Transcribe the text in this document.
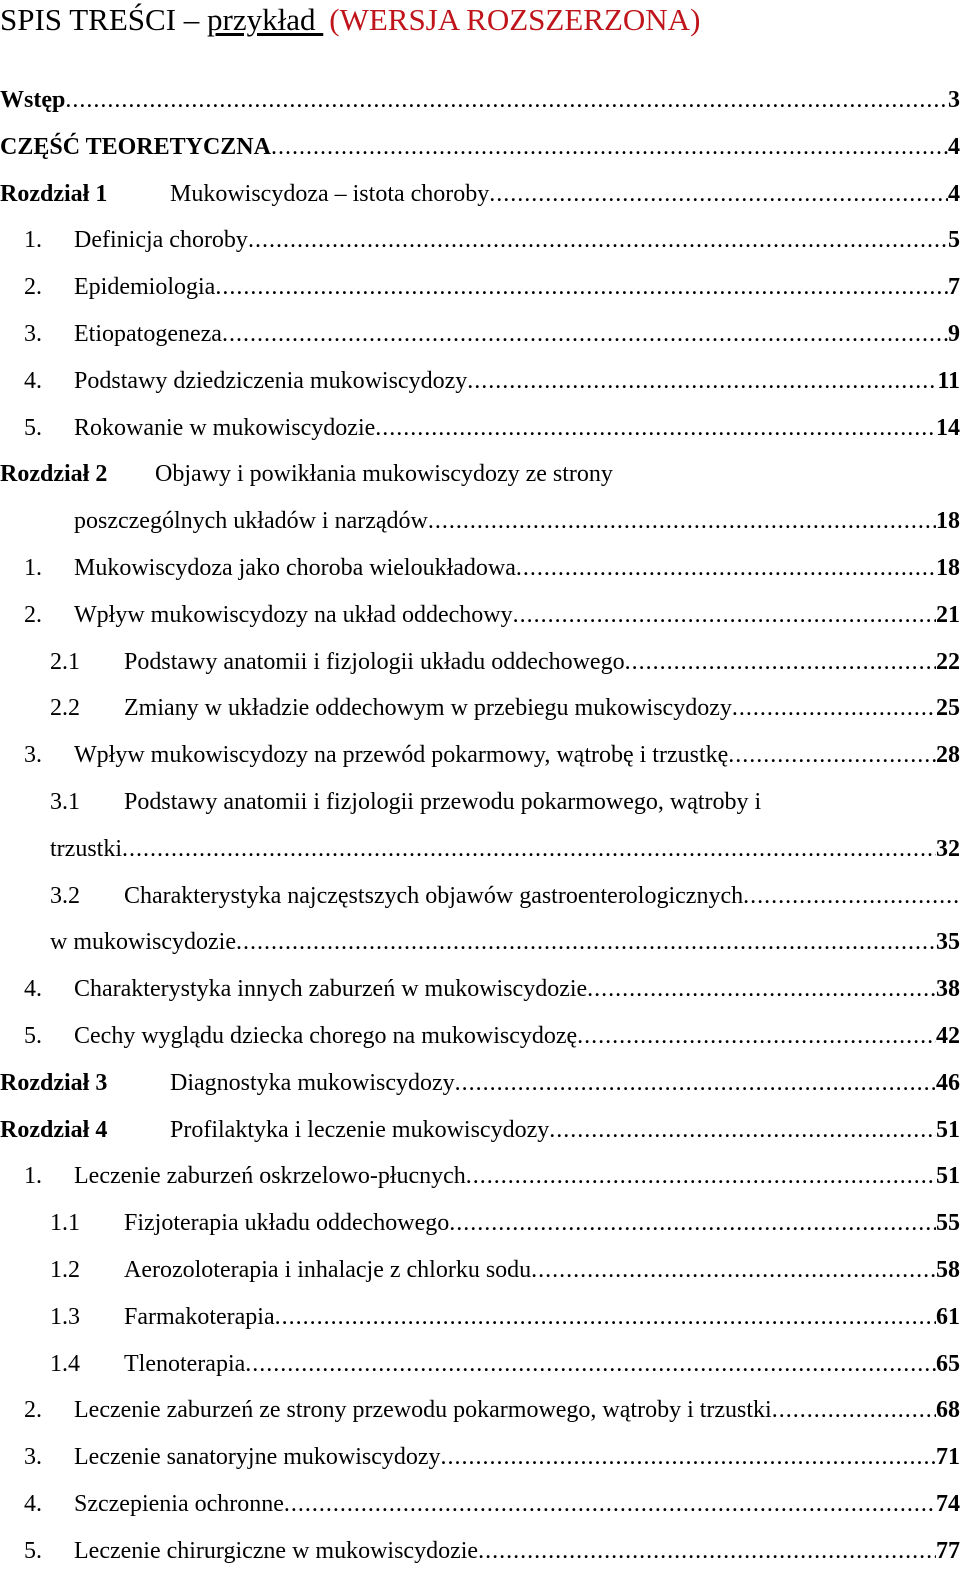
SPIS TREŚCI – przykład (WERSJA ROZSZERZONA)
Wstęp .....	3
CZĘŚĆ TEORETYCZNA .....	4
Rozdział 1	Mukowiscydoza – istota choroby .....	4
1. Definicja choroby .....	5
2. Epidemiologia .....	7
3. Etiopatogeneza .....	9
4. Podstawy dziedziczenia mukowiscydozy .....	11
5. Rokowanie w mukowiscydozie .....	14
Rozdział 2 Objawy i powikłania mukowiscydozy ze strony
poszczególnych układów i narządów .....	18
1. Mukowiscydoza jako choroba wieloukładowa .....	18
2. Wpływ mukowiscydozy na układ oddechowy .....	21
2.1 Podstawy anatomii i fizjologii układu oddechowego .....	22
2.2 Zmiany w układzie oddechowym w przebiegu mukowiscydozy .....	25
3. Wpływ mukowiscydozy na przewód pokarmowy, wątrobę i trzustkę .....	28
3.1 Podstawy anatomii i fizjologii przewodu pokarmowego, wątroby i
trzustki .....	32
3.2 Charakterystyka najczęstszych objawów gastroenterologicznych
.....
w mukowiscydozie .....	35
4. Charakterystyka innych zaburzeń w mukowiscydozie .....	38
5. Cechy wyglądu dziecka chorego na mukowiscydozę .....	42
Rozdział 3	Diagnostyka mukowiscydozy .....	46
Rozdział 4	Profilaktyka i leczenie mukowiscydozy .....	51
1. Leczenie zaburzeń oskrzelowo-płucnych .....	51
1.1 Fizjoterapia układu oddechowego .....	55
1.2 Aerozoloterapia i inhalacje z chlorku sodu .....	58
1.3 Farmakoterapia .....	61
1.4 Tlenoterapia .....	65
2. Leczenie zaburzeń ze strony przewodu pokarmowego, wątroby i trzustki .....	68
3. Leczenie sanatoryjne mukowiscydozy .....	71
4. Szczepienia ochronne .....	74
5. Leczenie chirurgiczne w mukowiscydozie .....	77
